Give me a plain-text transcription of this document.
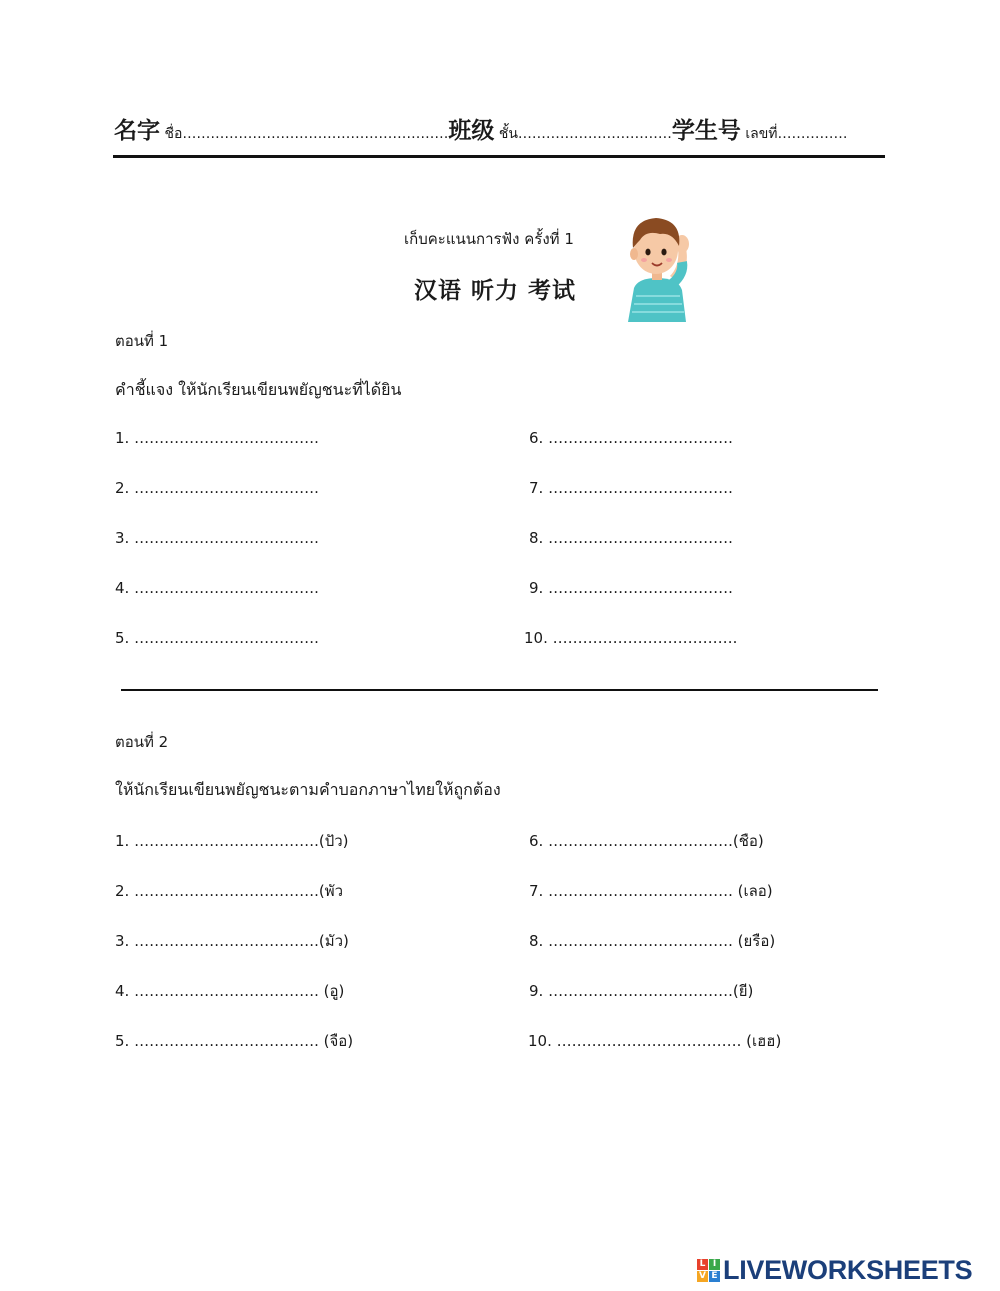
名字 ชื่อ…………………………………………………班级 ชั้น……………………………学生号 เลขที่……………
เก็บคะแนนการฟัง ครั้งที่ 1
汉语 听力 考试
ตอนที่ 1
คำชี้แจง ให้นักเรียนเขียนพยัญชนะที่ได้ยิน
1. ……………………………….
2. ……………………………….
3. ……………………………….
4. ……………………………….
5. ……………………………….
6. ……………………………….
7. ……………………………….
8. ……………………………….
9. ……………………………….
10. ……………………………….
ตอนที่ 2
ให้นักเรียนเขียนพยัญชนะตามคำบอกภาษาไทยให้ถูกต้อง
1. ……………………………….(ปัว)
2. ……………………………….(พัว
3. ……………………………….(มัว)
4. ………………………………. (อู)
5. ………………………………. (จือ)
6. ……………………………….(ชือ)
7. ………………………………. (เลอ)
8. ………………………………. (ยรือ)
9. ……………………………….(ยี)
10. ………………………………. (เฮฮ)
L I
V E LIVEWORKSHEETS
